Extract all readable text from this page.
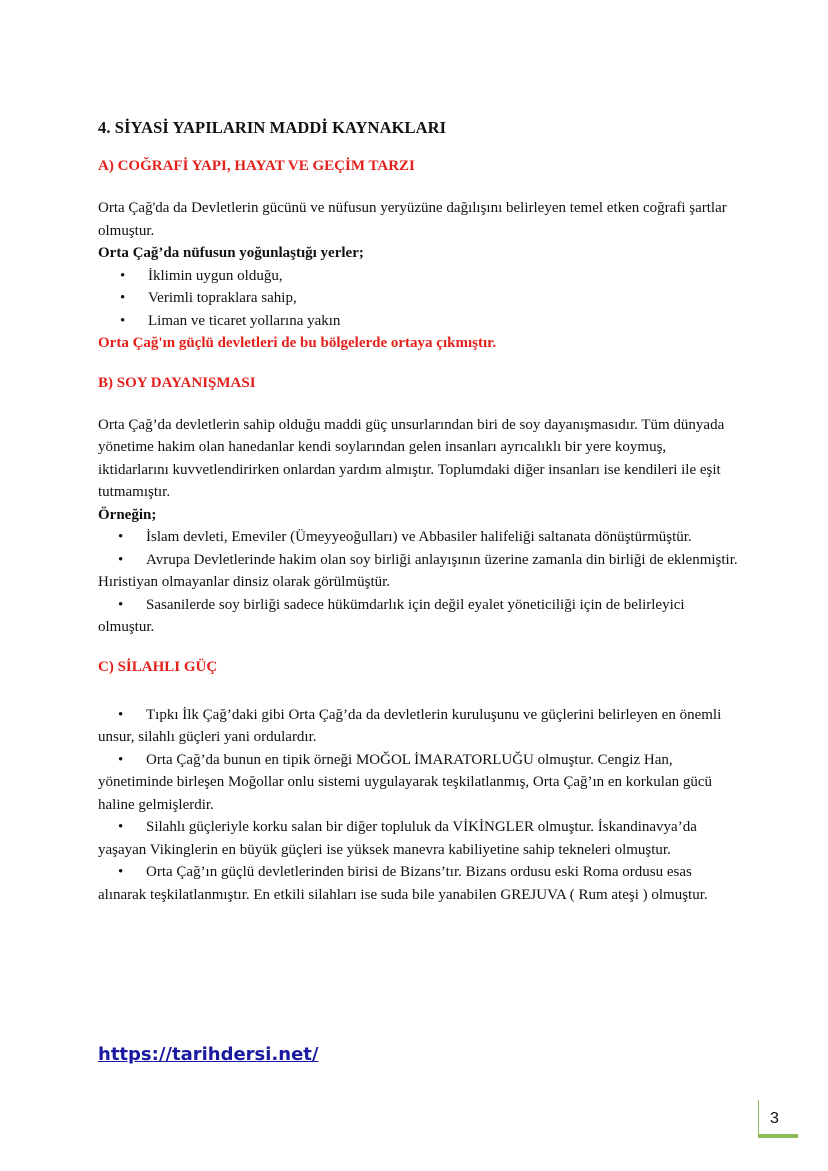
4. SİYASİ YAPILARIN MADDİ KAYNAKLARI
A) COĞRAFİ YAPI, HAYAT VE GEÇİM TARZI

Orta Çağ'da da Devletlerin gücünü ve nüfusun yeryüzüne dağılışını belirleyen temel etken coğrafi şartlar olmuştur.

Orta Çağ’da nüfusun yoğunlaştığı yerler;

• İklimin uygun olduğu,
• Verimli topraklara sahip,
• Liman ve ticaret yollarına yakın

Orta Çağ'ın güçlü devletleri de bu bölgelerde ortaya çıkmıştır.

B) SOY DAYANIŞMASI

Orta Çağ’da devletlerin sahip olduğu maddi güç unsurlarından biri de soy dayanışmasıdır. Tüm dünyada yönetime hakim olan hanedanlar kendi soylarından gelen insanları ayrıcalıklı bir yere koymuş, iktidarlarını kuvvetlendirirken onlardan yardım almıştır. Toplumdaki diğer insanları ise kendileri ile eşit tutmamıştır.

Örneğin;

• İslam devleti, Emeviler (Ümeyyeoğulları) ve Abbasiler halifeliği saltanata dönüştürmüştür.
• Avrupa Devletlerinde hakim olan soy birliği anlayışının üzerine zamanla din birliği de eklenmiştir. Hıristiyan olmayanlar dinsiz olarak görülmüştür.
• Sasanilerde soy birliği sadece hükümdarlık için değil eyalet yöneticiliği için de belirleyici olmuştur.
C) SİLAHLI GÜÇ
• Tıpkı İlk Çağ’daki gibi Orta Çağ’da da devletlerin kuruluşunu ve güçlerini belirleyen en önemli unsur, silahlı güçleri yani ordulardır.
• Orta Çağ’da bunun en tipik örneği MOĞOL İMARATORLUĞU olmuştur. Cengiz Han, yönetiminde birleşen Moğollar onlu sistemi uygulayarak teşkilatlanmış, Orta Çağ’ın en korkulan gücü haline gelmişlerdir.
• Silahlı güçleriyle korku salan bir diğer topluluk da VİKİNGLER olmuştur. İskandinavya’da yaşayan Vikinglerin en büyük güçleri ise yüksek manevra kabiliyetine sahip tekneleri olmuştur.
• Orta Çağ’ın güçlü devletlerinden birisi de Bizans’tır. Bizans ordusu eski Roma ordusu esas alınarak teşkilatlanmıştır. En etkili silahları ise suda bile yanabilen GREJUVA ( Rum ateşi ) olmuştur.
https://tarihdersi.net/
3
